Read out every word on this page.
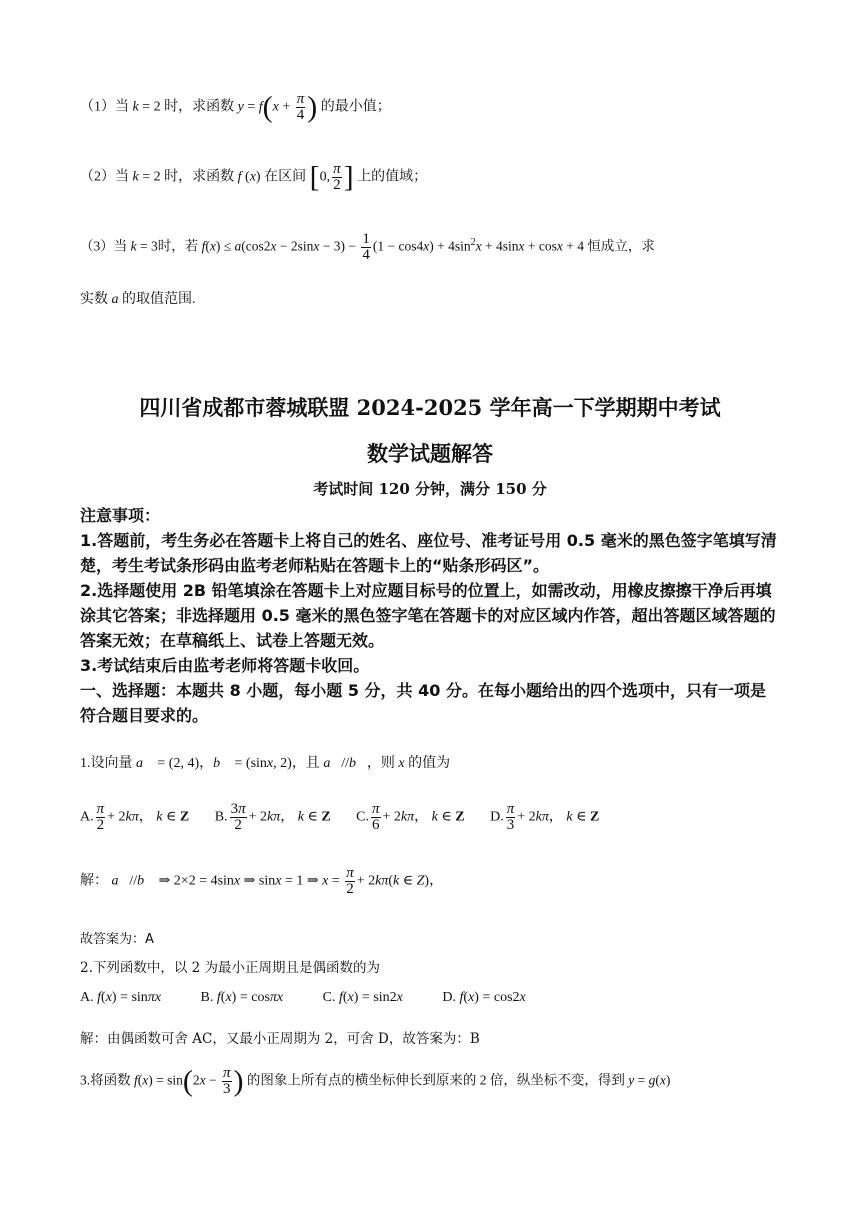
（1）当 k = 2 时，求函数 $y = f(x + \frac{\pi}{4}$ ) 的最小值；
（2）当 k = 2 时，求函数 f (x) 在区间 [0, $\frac{\pi}{2}$ ] 上的值域；
（3）当 k = 3时，若 $f(x) \le a(\cos 2x - 2\sin x - 3) - \frac{1}{4} (1 - \cos 4x) + 4\sin^2x + 4\sin x + \cos x + 4$ 恒成立，求
实数 a 的取值范围.
四川省成都市蓉城联盟 2024-2025 学年高一下学期期中考试
数学试题解答
考试时间 120 分钟，满分 150 分
注意事项：
1.答题前，考生务必在答题卡上将自己的姓名、座位号、准考证号用 0.5 毫米的黑色签字笔填写清楚，考生考试条形码由监考老师粘贴在答题卡上的“贴条形码区”。
2.选择题使用 2B 铅笔填涂在答题卡上对应题目标号的位置上，如需改动，用橡皮擦擦干净后再填涂其它答案；非选择题用 0.5 毫米的黑色签字笔在答题卡的对应区域内作答，超出答题区域答题的答案无效；在草稿纸上、试卷上答题无效。
3.考试结束后由监考老师将答题卡收回。
一、选择题：本题共 8 小题，每小题 5 分，共 40 分。在每小题给出的四个选项中，只有一项是符合题目要求的。
1.设向量 a⃗ = (2, 4)，b⃗ = (sinx, 2)，且 a⃗//b⃗，则 x 的值为
A. $\frac{\pi}{2} + 2k\pi$， k ∈ Z B. $\frac{3\pi}{2} + 2k\pi$， k ∈ Z C. $\frac{\pi}{6} + 2k\pi$， k ∈ Z D. $\frac{\pi}{3} + 2k\pi$， k ∈ Z
解： a⃗//b⃗ ⇒ 2×2 = 4sinx ⇒ sinx = 1 ⇒ $x = \frac{\pi}{2} + 2k\pi(k$ ∈ Z)，
故答案为：A
2.下列函数中，以 2 为最小正周期且是偶函数的为
A. f(x) = sinπx	B. f(x) = cosπx	C. f(x) = sin2x	D. f(x) = cos2x
解：由偶函数可舍 AC，又最小正周期为 2，可舍 D，故答案为：B
3.将函数 $f(x) = \sin(2x - \frac{\pi}{3}$ ) 的图象上所有点的横坐标伸长到原来的 2 倍，纵坐标不变，得到 y = g(x)
